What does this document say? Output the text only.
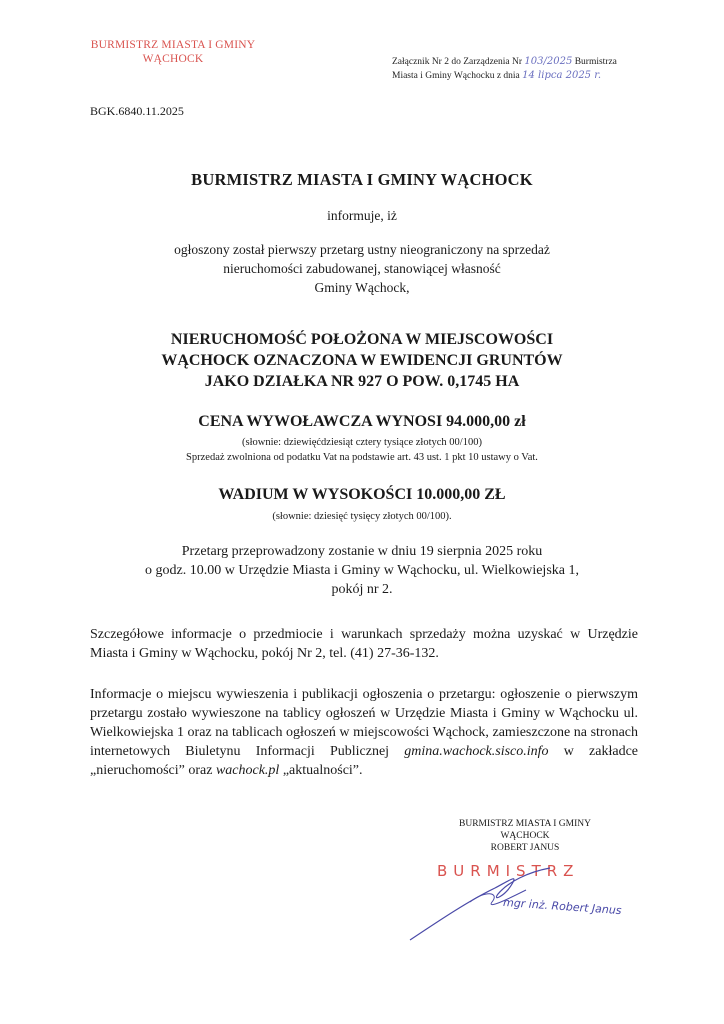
BURMISTRZ MIASTA I GMINY
WĄCHOCK	Załącznik Nr 2 do Zarządzenia Nr 103/2025 Burmistrza
Miasta i Gminy Wąchocku z dnia 14 lipca 2025 r.
BGK.6840.11.2025
BURMISTRZ MIASTA I GMINY WĄCHOCK
informuje, iż
ogłoszony został pierwszy przetarg ustny nieograniczony na sprzedaż
nieruchomości zabudowanej, stanowiącej własność
Gminy Wąchock,
NIERUCHOMOŚĆ POŁOŻONA W MIEJSCOWOŚCI
WĄCHOCK OZNACZONA W EWIDENCJI GRUNTÓW
JAKO DZIAŁKA NR 927 O POW. 0,1745 HA
CENA WYWOŁAWCZA WYNOSI 94.000,00 zł
(słownie: dziewięćdziesiąt cztery tysiące złotych 00/100)
Sprzedaż zwolniona od podatku Vat na podstawie art. 43 ust. 1 pkt 10 ustawy o Vat.
WADIUM W WYSOKOŚCI 10.000,00 ZŁ
(słownie: dziesięć tysięcy złotych 00/100).
Przetarg przeprowadzony zostanie w dniu 19 sierpnia 2025 roku
o godz. 10.00 w Urzędzie Miasta i Gminy w Wąchocku, ul. Wielkowiejska 1,
pokój nr 2.
Szczegółowe informacje o przedmiocie i warunkach sprzedaży można uzyskać w Urzędzie Miasta i Gminy w Wąchocku, pokój Nr 2, tel. (41) 27-36-132.
Informacje o miejscu wywieszenia i publikacji ogłoszenia o przetargu: ogłoszenie o pierwszym przetargu zostało wywieszone na tablicy ogłoszeń w Urzędzie Miasta i Gminy w Wąchocku ul. Wielkowiejska 1 oraz na tablicach ogłoszeń w miejscowości Wąchock, zamieszczone na stronach internetowych Biuletynu Informacji Publicznej gmina.wachock.sisco.info w zakładce „nieruchomości” oraz wachock.pl „aktualności”.
BURMISTRZ MIASTA I GMINY
WĄCHOCK
ROBERT JANUS
BURMISTRZ
mgr inż. Robert Janus
